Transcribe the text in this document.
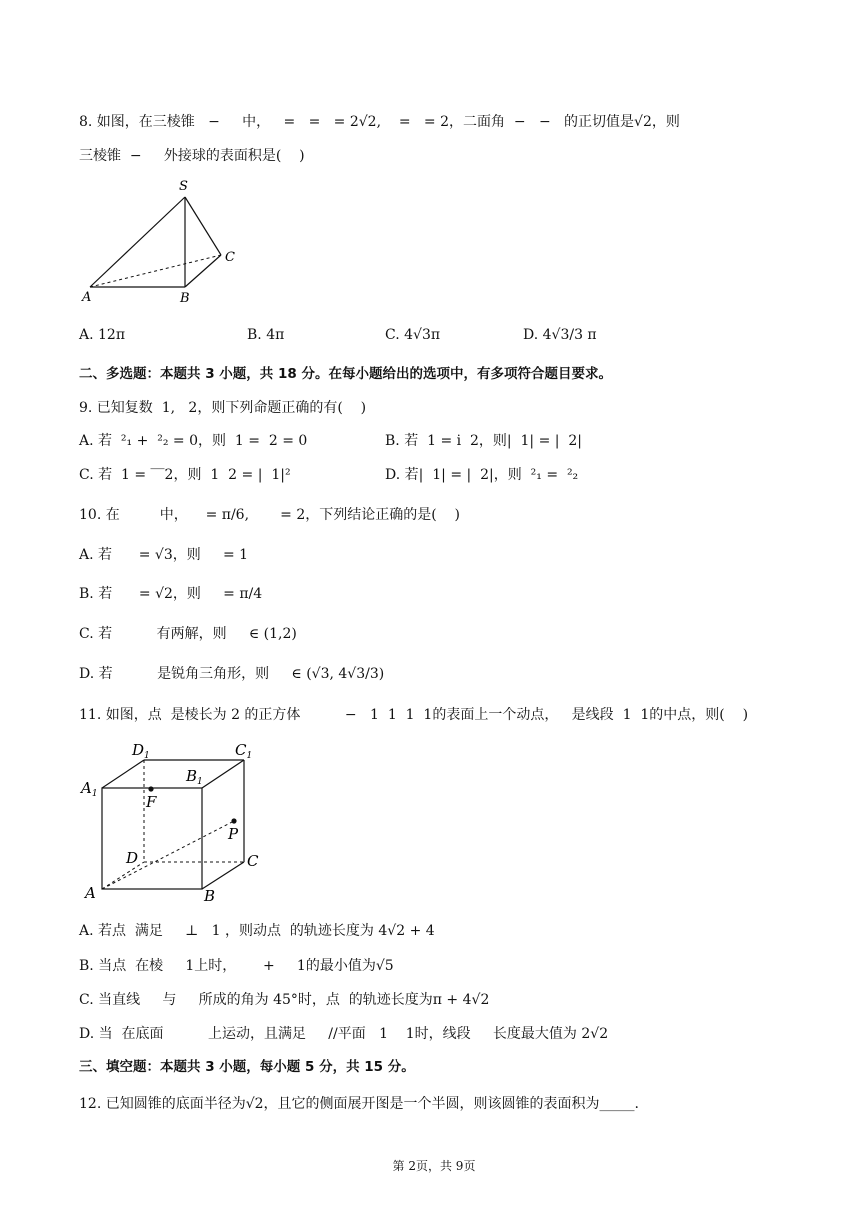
8. 如图，在三棱锥   −     中，   =   =   = 2√2,    =   = 2，二面角  −   −   的正切值是√2，则
三棱锥  −     外接球的表面积是(    )
S
A	B
C
A. 12π	B. 4π	C. 4√3π	D. 4√3/3 π
二、多选题：本题共 3 小题，共 18 分。在每小题给出的选项中，有多项符合题目要求。
9. 已知复数  1,   2，则下列命题正确的有(    )
A. 若  ²₁ +  ²₂ = 0，则  1 =  2 = 0	B. 若  1 = i  2，则|  1| = |  2|
C. 若  1 = ‾‾2，则  1  2 = |  1|²	D. 若|  1| = |  2|，则  ²₁ =  ²₂
10. 在         中，    = π/6,       = 2，下列结论正确的是(    )
A. 若      = √3，则     = 1
B. 若      = √2，则     = π/4
C. 若          有两解，则     ∈ (1,2)
D. 若          是锐角三角形，则     ∈ (√3, 4√3/3)
11. 如图，点  是棱长为 2 的正方体          −   1  1  1  1的表面上一个动点，   是线段  1  1的中点，则(    )
$D_1$	$C_1$
$A_1$
$B_1$
F
P
D	C
A	B
A. 若点  满足     ⊥   1 ，则动点  的轨迹长度为 4√2 + 4
B. 当点  在棱     1上时，      +     1的最小值为√5
C. 当直线     与     所成的角为 45°时，点  的轨迹长度为π + 4√2
D. 当  在底面          上运动，且满足     //平面   1    1时，线段     长度最大值为 2√2
三、填空题：本题共 3 小题，每小题 5 分，共 15 分。
12. 已知圆锥的底面半径为√2，且它的侧面展开图是一个半圆，则该圆锥的表面积为_____.
第 2页，共 9页
